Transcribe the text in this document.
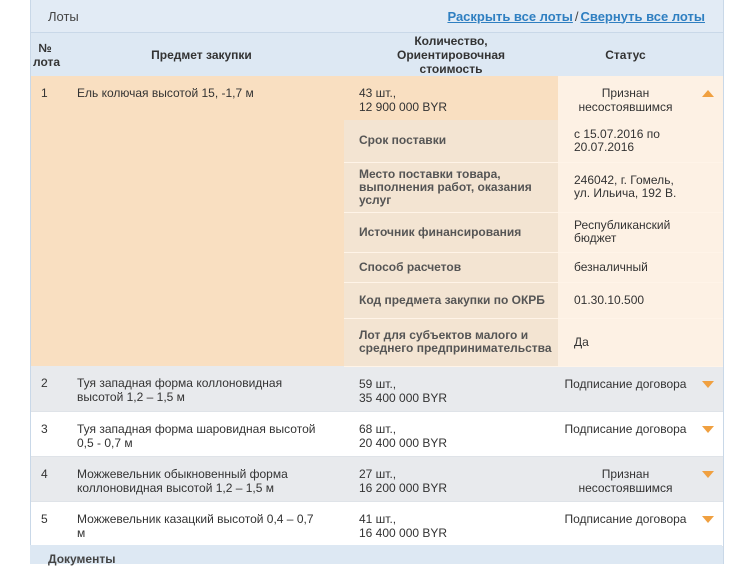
Лоты	Раскрыть все лоты / Свернуть все лоты
№ лота	Предмет закупки	Количество, Ориентировочная стоимость	Статус	
1	Ель колючая высотой 15, -1,7 м	43 шт.,
12 900 000 BYR	Признан несостоявшимся	
		Срок поставки	с 15.07.2016 по 20.07.2016	
		Место поставки товара, выполнения работ, оказания услуг	246042, г. Гомель, ул. Ильича, 192 В.	
		Источник финансирования	Республиканский бюджет	
		Способ расчетов	безналичный	
		Код предмета закупки по ОКРБ	01.30.10.500	
		Лот для субъектов малого и среднего предпринимательства	Да	
2	Туя западная форма коллоновидная высотой 1,2 – 1,5 м	59 шт.,
35 400 000 BYR	Подписание договора	
3	Туя западная форма шаровидная высотой 0,5 - 0,7 м	68 шт.,
20 400 000 BYR	Подписание договора	
4	Можжевельник обыкновенный форма коллоновидная высотой 1,2 – 1,5 м	27 шт.,
16 200 000 BYR	Признан несостоявшимся	
5	Можжевельник казацкий высотой 0,4 – 0,7 м	41 шт.,
16 400 000 BYR	Подписание договора	
Документы
